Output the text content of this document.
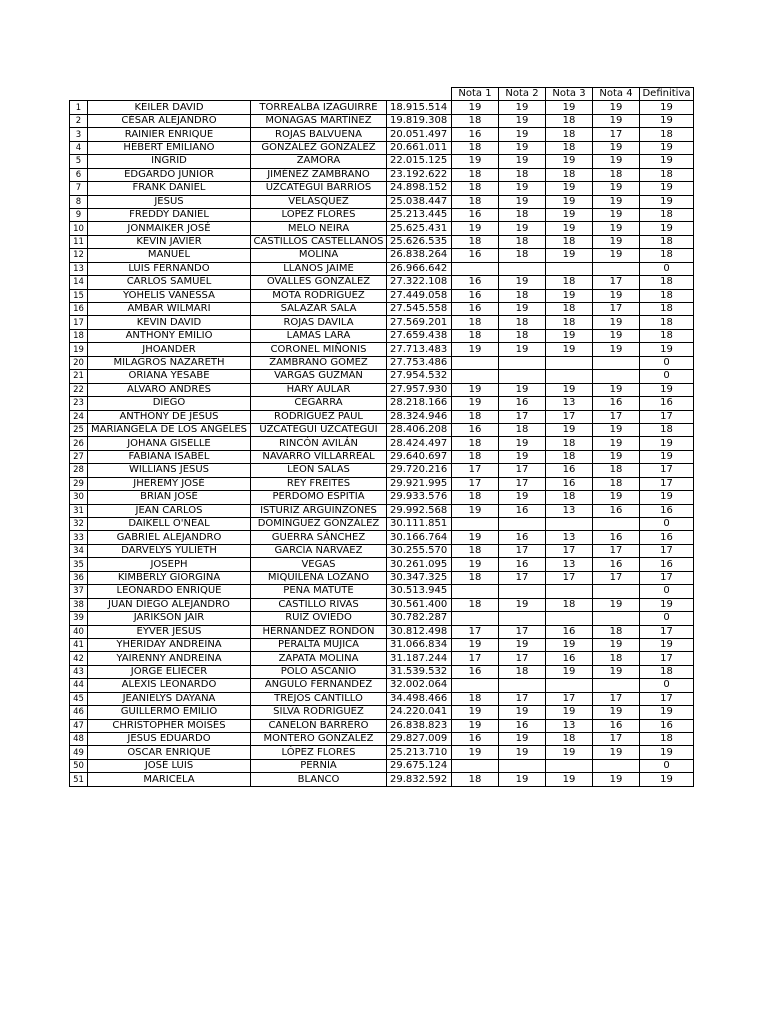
				Nota 1	Nota 2	Nota 3	Nota 4	Definitiva
1	KEILER DAVID	TORREALBA IZAGUIRRE	18.915.514	19	19	19	19	19
2	CÉSAR ALEJANDRO	MONAGAS MARTINEZ	19.819.308	18	19	18	19	19
3	RAINIER ENRIQUE	ROJAS BALVUENA	20.051.497	16	19	18	17	18
4	HEBERT EMILIANO	GONZÁLEZ GONZÁLEZ	20.661.011	18	19	18	19	19
5	INGRID	ZAMORA	22.015.125	19	19	19	19	19
6	EDGARDO JUNIOR	JIMÉNEZ ZAMBRANO	23.192.622	18	18	18	18	18
7	FRANK DANIEL	UZCATEGUI BARRIOS	24.898.152	18	19	19	19	19
8	JESÚS	VELÁSQUEZ	25.038.447	18	19	19	19	19
9	FREDDY DANIEL	LÓPEZ FLORES	25.213.445	16	18	19	19	18
10	JONMAIKER JOSÉ	MELO NEIRA	25.625.431	19	19	19	19	19
11	KEVIN JAVIER	CASTILLOS CASTELLANOS	25.626.535	18	18	18	19	18
12	MANUEL	MOLINA	26.838.264	16	18	19	19	18
13	LUIS FERNANDO	LLANOS JAIME	26.966.642					0
14	CARLOS SAMUEL	OVALLES GONZÁLEZ	27.322.108	16	19	18	17	18
15	YOHELIS VANESSA	MOTA RODRÍGUEZ	27.449.058	16	18	19	19	18
16	AMBAR WILMARI	SALAZAR SALA	27.545.558	16	19	18	17	18
17	KEVIN DAVID	ROJAS DAVILA	27.569.201	18	18	18	19	18
18	ANTHONY EMILIO	LAMAS LARA	27.659.438	18	18	19	19	18
19	JHOANDER	CORONEL MIÑONIS	27.713.483	19	19	19	19	19
20	MILAGROS NAZARETH	ZAMBRANO GÓMEZ	27.753.486					0
21	ORIANA YESABE	VARGAS GUZMÁN	27.954.532					0
22	ALVARO ANDRÉS	HARY AULAR	27.957.930	19	19	19	19	19
23	DIEGO	CEGARRA	28.218.166	19	16	13	16	16
24	ANTHONY DE JESÚS	RODRÍGUEZ PAUL	28.324.946	18	17	17	17	17
25	MARIANGELA DE LOS ANGELES	UZCATEGUI UZCATEGUI	28.406.208	16	18	19	19	18
26	JOHANA GISELLE	RINCÓN AVILÁN	28.424.497	18	19	18	19	19
27	FABIANA ISABEL	NAVARRO VILLARREAL	29.640.697	18	19	18	19	19
28	WILLIANS JESÚS	LEÓN SALAS	29.720.216	17	17	16	18	17
29	JHEREMY JOSÉ	REY FREITES	29.921.995	17	17	16	18	17
30	BRIAN JOSÉ	PERDOMO ESPITIA	29.933.576	18	19	18	19	19
31	JEAN CARLOS	ISTURIZ ARGUINZONES	29.992.568	19	16	13	16	16
32	DAIKELL O'NEAL	DOMÍNGUEZ GONZÁLEZ	30.111.851					0
33	GABRIEL ALEJANDRO	GUERRA SÁNCHEZ	30.166.764	19	16	13	16	16
34	DARVELYS YULIETH	GARCÍA NARVÁEZ	30.255.570	18	17	17	17	17
35	JOSEPH	VEGAS	30.261.095	19	16	13	16	16
36	KIMBERLY GIORGINA	MIQUILENA LOZANO	30.347.325	18	17	17	17	17
37	LEONARDO ENRIQUE	PEÑA MATUTE	30.513.945					0
38	JUAN DIEGO ALEJANDRO	CASTILLO RIVAS	30.561.400	18	19	18	19	19
39	JARIKSON JAIR	RUIZ OVIEDO	30.782.287					0
40	EYVER JESÚS	HERNÁNDEZ RONDÓN	30.812.498	17	17	16	18	17
41	YHERIDAY ANDREINA	PERALTA MUJICA	31.066.834	19	19	19	19	19
42	YAIRENNY ANDREINA	ZAPATA MOLINA	31.187.244	17	17	16	18	17
43	JORGE ELIECER	POLO ASCANIO	31.539.532	16	18	19	19	18
44	ALEXIS LEONARDO	ANGULO FERNÁNDEZ	32.002.064					0
45	JEANIELYS DAYANA	TREJOS CANTILLO	34.498.466	18	17	17	17	17
46	GUILLERMO EMILIO	SILVA RODRÍGUEZ	24.220.041	19	19	19	19	19
47	CHRISTOPHER MOISÉS	CAÑELÓN BARRERO	26.838.823	19	16	13	16	16
48	JESÚS EDUARDO	MONTERO GONZÁLEZ	29.827.009	16	19	18	17	18
49	OSCAR ENRIQUE	LÓPEZ FLORES	25.213.710	19	19	19	19	19
50	JOSÉ LUIS	PERNÍA	29.675.124					0
51	MARICELA	BLANCO	29.832.592	18	19	19	19	19
